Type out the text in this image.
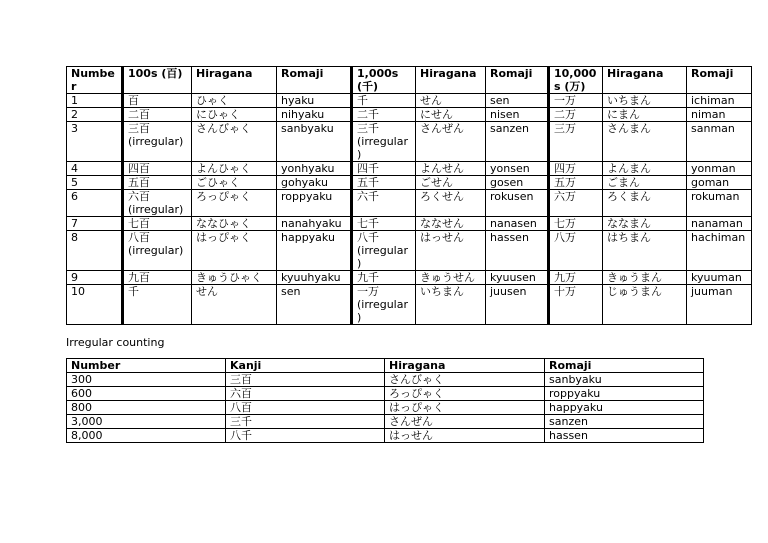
Number	100s (百)	Hiragana	Romaji	1,000s (千)	Hiragana	Romaji	10,000s (万)	Hiragana	Romaji
1	百	ひゃく	hyaku	千	せん	sen	一万	いちまん	ichiman
2	二百	にひゃく	nihyaku	二千	にせん	nisen	二万	にまん	niman
3	三百 (irregular)	さんびゃく	sanbyaku	三千 (irregular)	さんぜん	sanzen	三万	さんまん	sanman
4	四百	よんひゃく	yonhyaku	四千	よんせん	yonsen	四万	よんまん	yonman
5	五百	ごひゃく	gohyaku	五千	ごせん	gosen	五万	ごまん	goman
6	六百 (irregular)	ろっぴゃく	roppyaku	六千	ろくせん	rokusen	六万	ろくまん	rokuman
7	七百	ななひゃく	nanahyaku	七千	ななせん	nanasen	七万	ななまん	nanaman
8	八百 (irregular)	はっぴゃく	happyaku	八千 (irregular)	はっせん	hassen	八万	はちまん	hachiman
9	九百	きゅうひゃく	kyuuhyaku	九千	きゅうせん	kyuusen	九万	きゅうまん	kyuuman
10	千	せん	sen	一万 (irregular)	いちまん	juusen	十万	じゅうまん	juuman
Irregular counting
Number	Kanji	Hiragana	Romaji
300	三百	さんびゃく	sanbyaku
600	六百	ろっぴゃく	roppyaku
800	八百	はっぴゃく	happyaku
3,000	三千	さんぜん	sanzen
8,000	八千	はっせん	hassen
